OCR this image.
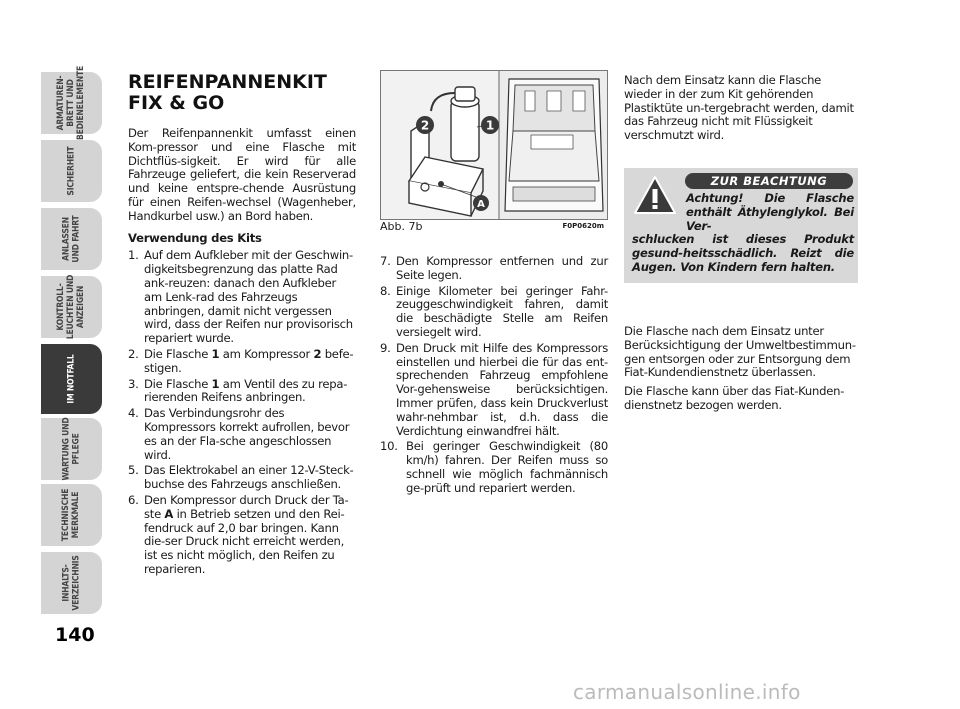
ARMATUREN-
BRETT UND
BEDIENELEMENTE
SICHERHEIT
ANLASSEN
UND FAHRT
KONTROLL-
LEUCHTEN UND
ANZEIGEN
IM NOTFALL
WARTUNG UND
PFLEGE
TECHNISCHE
MERKMALE
INHALTS-
VERZEICHNIS
140
REIFENPANNENKIT
FIX & GO

Der Reifenpannenkit umfasst einen Kom-pressor und eine Flasche mit Dichtflüs-sigkeit. Er wird für alle Fahrzeuge geliefert, die kein Reserverad und keine entspre-chende Ausrüstung für einen Reifen-wechsel (Wagenheber, Handkurbel usw.) an Bord haben.

Verwendung des Kits
1. Auf dem Aufkleber mit der Geschwin-digkeitsbegrenzung das platte Rad ank-reuzen: danach den Aufkleber am Lenk-rad des Fahrzeugs anbringen, damit nicht vergessen wird, dass der Reifen nur provisorisch repariert wurde.
2. Die Flasche 1 am Kompressor 2 befe-stigen.
3. Die Flasche 1 am Ventil des zu repa-rierenden Reifens anbringen.
4. Das Verbindungsrohr des Kompressors korrekt aufrollen, bevor es an der Fla-sche angeschlossen wird.
5. Das Elektrokabel an einer 12-V-Steck-buchse des Fahrzeugs anschließen.
6. Den Kompressor durch Druck der Ta-ste A in Betrieb setzen und den Rei-fendruck auf 2,0 bar bringen. Kann die-ser Druck nicht erreicht werden, ist es nicht möglich, den Reifen zu reparieren.
1
2
A
Abb. 7b	F0P0620m
7. Den Kompressor entfernen und zur Seite legen.
8. Einige Kilometer bei geringer Fahr-zeuggeschwindigkeit fahren, damit die beschädigte Stelle am Reifen versiegelt wird.
9. Den Druck mit Hilfe des Kompressors einstellen und hierbei die für das ent-sprechenden Fahrzeug empfohlene Vor-gehensweise berücksichtigen. Immer prüfen, dass kein Druckverlust wahr-nehmbar ist, d.h. dass die Verdichtung einwandfrei hält.
10. Bei geringer Geschwindigkeit (80 km/h) fahren. Der Reifen muss so schnell wie möglich fachmännisch ge-prüft und repariert werden.

Nach dem Einsatz kann die Flasche wieder in der zum Kit gehörenden Plastiktüte un-tergebracht werden, damit das Fahrzeug nicht mit Flüssigkeit verschmutzt wird.

ZUR BEACHTUNG
Achtung! Die Flasche enthält Äthylenglykol. Bei Ver-
schlucken ist dieses Produkt gesund-heitsschädlich. Reizt die Augen. Von Kindern fern halten.

Die Flasche nach dem Einsatz unter Berücksichtigung der Umweltbestimmun-gen entsorgen oder zur Entsorgung dem Fiat-Kundendienstnetz überlassen.

Die Flasche kann über das Fiat-Kunden-dienstnetz bezogen werden.

carmanualsonline.info
